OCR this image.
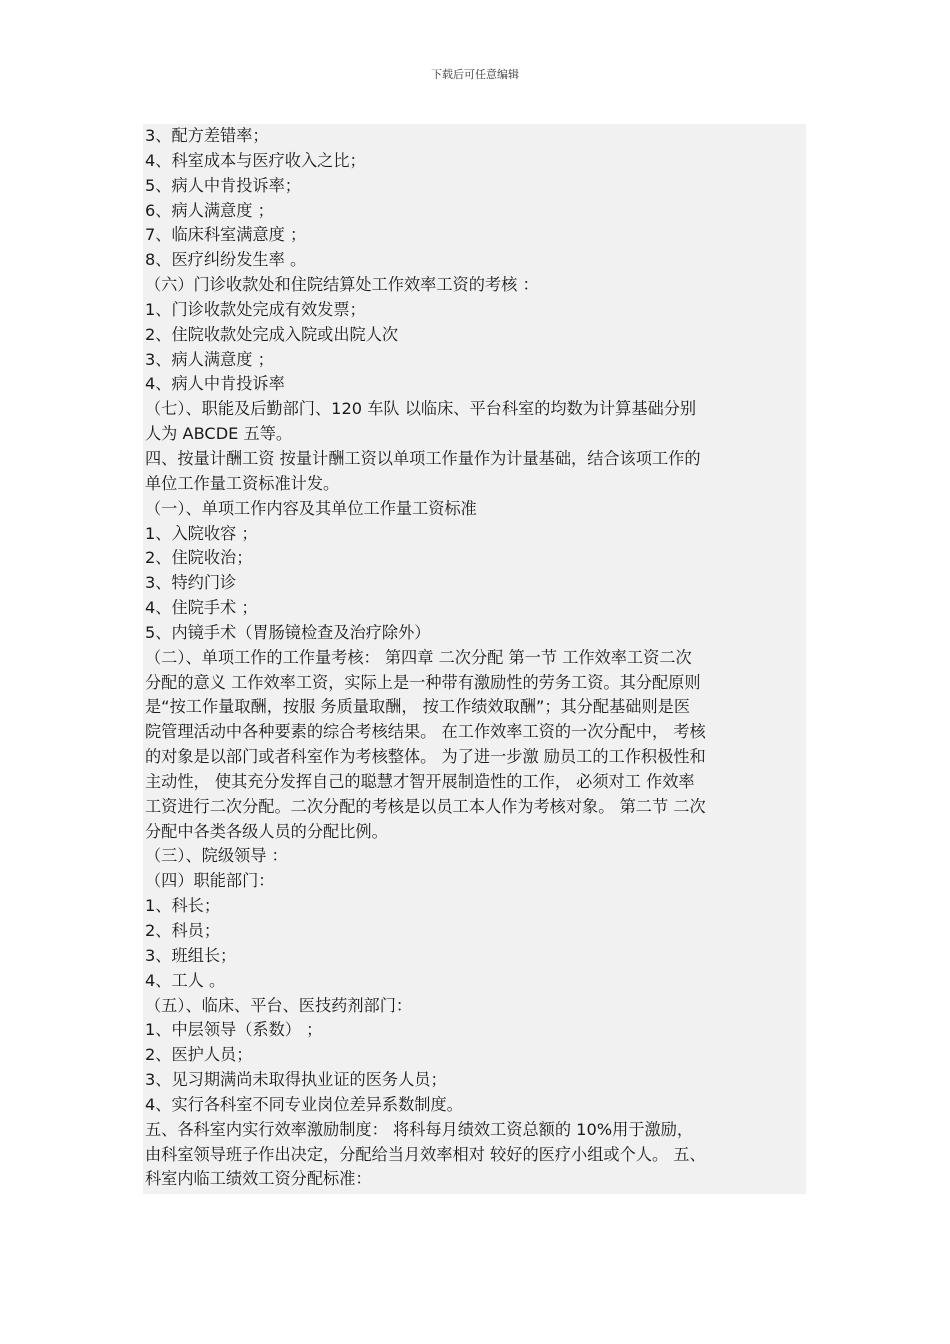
下载后可任意编辑

3、配方差错率；

4、科室成本与医疗收入之比；

5、病人中肯投诉率；

6、病人满意度 ；

7、临床科室满意度 ；

8、医疗纠纷发生率 。

（六）门诊收款处和住院结算处工作效率工资的考核 ：

1、门诊收款处完成有效发票；

2、住院收款处完成入院或出院人次

3、病人满意度 ；

4、病人中肯投诉率

（七）、职能及后勤部门、120 车队 以临床、平台科室的均数为计算基础分别

人为 ABCDE 五等。

四、按量计酬工资 按量计酬工资以单项工作量作为计量基础，结合该项工作的

单位工作量工资标准计发。

（一）、单项工作内容及其单位工作量工资标准

1、入院收容 ；

2、住院收治；

3、特约门诊

4、住院手术 ；

5、内镜手术（胃肠镜检查及治疗除外）

（二）、单项工作的工作量考核： 第四章 二次分配 第一节 工作效率工资二次

分配的意义 工作效率工资，实际上是一种带有激励性的劳务工资。其分配原则

是“按工作量取酬，按服 务质量取酬， 按工作绩效取酬”；其分配基础则是医

院管理活动中各种要素的综合考核结果。 在工作效率工资的一次分配中， 考核

的对象是以部门或者科室作为考核整体。 为了进一步激 励员工的工作积极性和

主动性， 使其充分发挥自己的聪慧才智开展制造性的工作， 必须对工 作效率

工资进行二次分配。二次分配的考核是以员工本人作为考核对象。 第二节 二次

分配中各类各级人员的分配比例。

（三）、院级领导 ：

（四）职能部门：

1、科长；

2、科员；

3、班组长；

4、工人 。

（五）、临床、平台、医技药剂部门：

1、中层领导（系数） ；

2、医护人员；

3、见习期满尚未取得执业证的医务人员；

4、实行各科室不同专业岗位差异系数制度。

五、各科室内实行效率激励制度： 将科每月绩效工资总额的 10%用于激励，

由科室领导班子作出决定，分配给当月效率相对 较好的医疗小组或个人。 五、

科室内临工绩效工资分配标准：
